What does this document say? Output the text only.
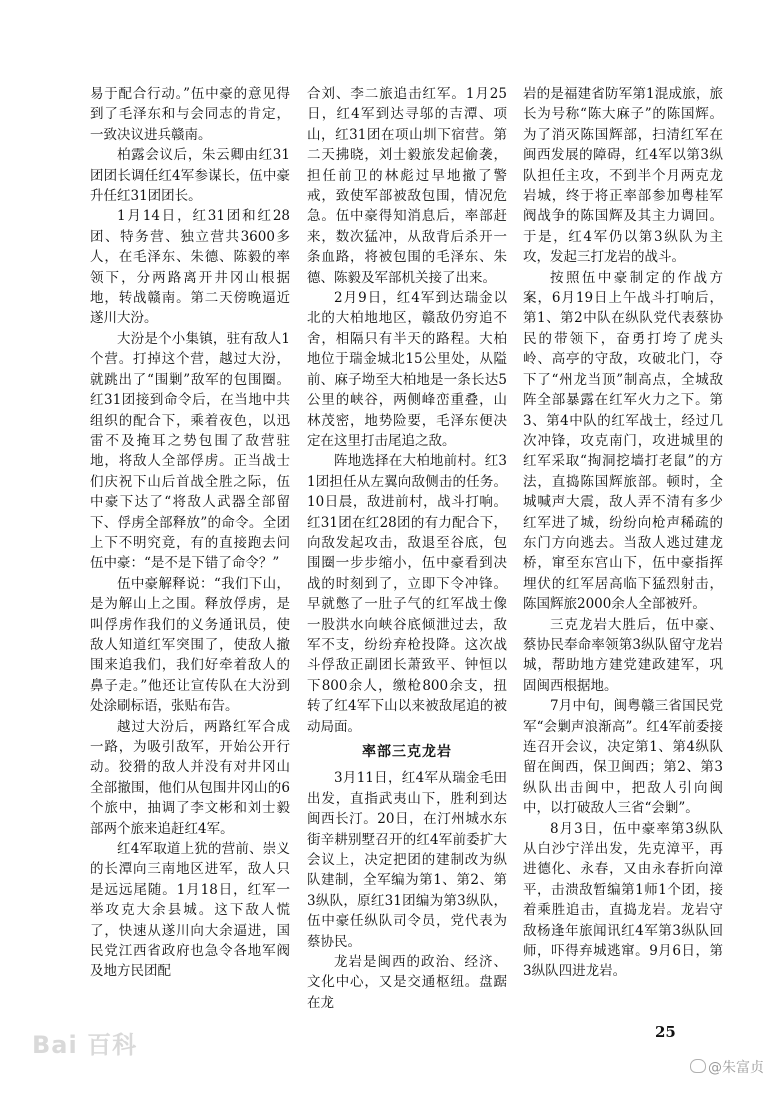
易于配合行动。”伍中豪的意见得到了毛泽东和与会同志的肯定，一致决议进兵赣南。

柏露会议后，朱云卿由红31团团长调任红4军参谋长，伍中豪升任红31团团长。

1月14日，红31团和红28团、特务营、独立营共3600多人，在毛泽东、朱德、陈毅的率领下，分两路离开井冈山根据地，转战赣南。第二天傍晚逼近遂川大汾。

大汾是个小集镇，驻有敌人1个营。打掉这个营，越过大汾，就跳出了“围剿”敌军的包围圈。红31团接到命令后，在当地中共组织的配合下，乘着夜色，以迅雷不及掩耳之势包围了敌营驻地，将敌人全部俘虏。正当战士们庆祝下山后首战全胜之际，伍中豪下达了“将敌人武器全部留下、俘虏全部释放”的命令。全团上下不明究竟，有的直接跑去问伍中豪：“是不是下错了命令？”

伍中豪解释说：“我们下山，是为解山上之围。释放俘虏，是叫俘虏作我们的义务通讯员，使敌人知道红军突围了，使敌人撤围来追我们，我们好牵着敌人的鼻子走。”他还让宣传队在大汾到处涂刷标语，张贴布告。

越过大汾后，两路红军合成一路，为吸引敌军，开始公开行动。狡猾的敌人并没有对井冈山全部撤围，他们从包围井冈山的6个旅中，抽调了李文彬和刘士毅部两个旅来追赶红4军。

红4军取道上犹的营前、崇义的长潭向三南地区进军，敌人只是远远尾随。1月18日，红军一举攻克大余县城。这下敌人慌了，快速从遂川向大余逼进，国民党江西省政府也急令各地军阀及地方民团配

合刘、李二旅追击红军。1月25日，红4军到达寻邬的吉潭、项山，红31团在项山圳下宿营。第二天拂晓，刘士毅旅发起偷袭，担任前卫的林彪过早地撤了警戒，致使军部被敌包围，情况危急。伍中豪得知消息后，率部赶来，数次猛冲，从敌背后杀开一条血路，将被包围的毛泽东、朱德、陈毅及军部机关接了出来。

2月9日，红4军到达瑞金以北的大柏地地区，赣敌仍穷追不舍，相隔只有半天的路程。大柏地位于瑞金城北15公里处，从隘前、麻子坳至大柏地是一条长达5公里的峡谷，两侧峰峦重叠，山林茂密，地势险要，毛泽东便决定在这里打击尾追之敌。

阵地选择在大柏地前村。红31团担任从左翼向敌侧击的任务。10日晨，敌进前村，战斗打响。红31团在红28团的有力配合下，向敌发起攻击，敌退至谷底，包围圈一步步缩小，伍中豪看到决战的时刻到了，立即下令冲锋。早就憋了一肚子气的红军战士像一股洪水向峡谷底倾泄过去，敌军不支，纷纷弃枪投降。这次战斗俘敌正副团长萧致平、钟恒以下800余人，缴枪800余支，扭转了红4军下山以来被敌尾追的被动局面。

率部三克龙岩

3月11日，红4军从瑞金毛田出发，直指武夷山下，胜利到达闽西长汀。20日，在汀州城水东街辛耕别墅召开的红4军前委扩大会议上，决定把团的建制改为纵队建制，全军编为第1、第2、第3纵队，原红31团编为第3纵队，伍中豪任纵队司令员，党代表为蔡协民。

龙岩是闽西的政治、经济、文化中心，又是交通枢纽。盘踞在龙

岩的是福建省防军第1混成旅，旅长为号称“陈大麻子”的陈国辉。为了消灭陈国辉部，扫清红军在闽西发展的障碍，红4军以第3纵队担任主攻，不到半个月两克龙岩城，终于将正率部参加粤桂军阀战争的陈国辉及其主力调回。于是，红4军仍以第3纵队为主攻，发起三打龙岩的战斗。

按照伍中豪制定的作战方案，6月19日上午战斗打响后，第1、第2中队在纵队党代表蔡协民的带领下，奋勇打垮了虎头岭、高亭的守敌，攻破北门，夺下了“州龙当顶”制高点，全城敌阵全部暴露在红军火力之下。第3、第4中队的红军战士，经过几次冲锋，攻克南门，攻进城里的红军采取“掏洞挖墙打老鼠”的方法，直捣陈国辉旅部。顿时，全城喊声大震，敌人弄不清有多少红军进了城，纷纷向枪声稀疏的东门方向逃去。当敌人逃过建龙桥，窜至东宫山下，伍中豪指挥埋伏的红军居高临下猛烈射击，陈国辉旅2000余人全部被歼。

三克龙岩大胜后，伍中豪、蔡协民奉命率领第3纵队留守龙岩城，帮助地方建党建政建军，巩固闽西根据地。

7月中旬，闽粤赣三省国民党军“会剿声浪渐高”。红4军前委接连召开会议，决定第1、第4纵队留在闽西，保卫闽西；第2、第3纵队出击闽中，把敌人引向闽中，以打破敌人三省“会剿”。

8月3日，伍中豪率第3纵队从白沙宁洋出发，先克漳平，再进德化、永春，又由永春折向漳平，击溃敌暂编第1师1个团，接着乘胜追击，直捣龙岩。龙岩守敌杨逢年旅闻讯红4军第3纵队回师，吓得弃城逃窜。9月6日，第3纵队四进龙岩。

25
Bai 百科
@朱富贞
